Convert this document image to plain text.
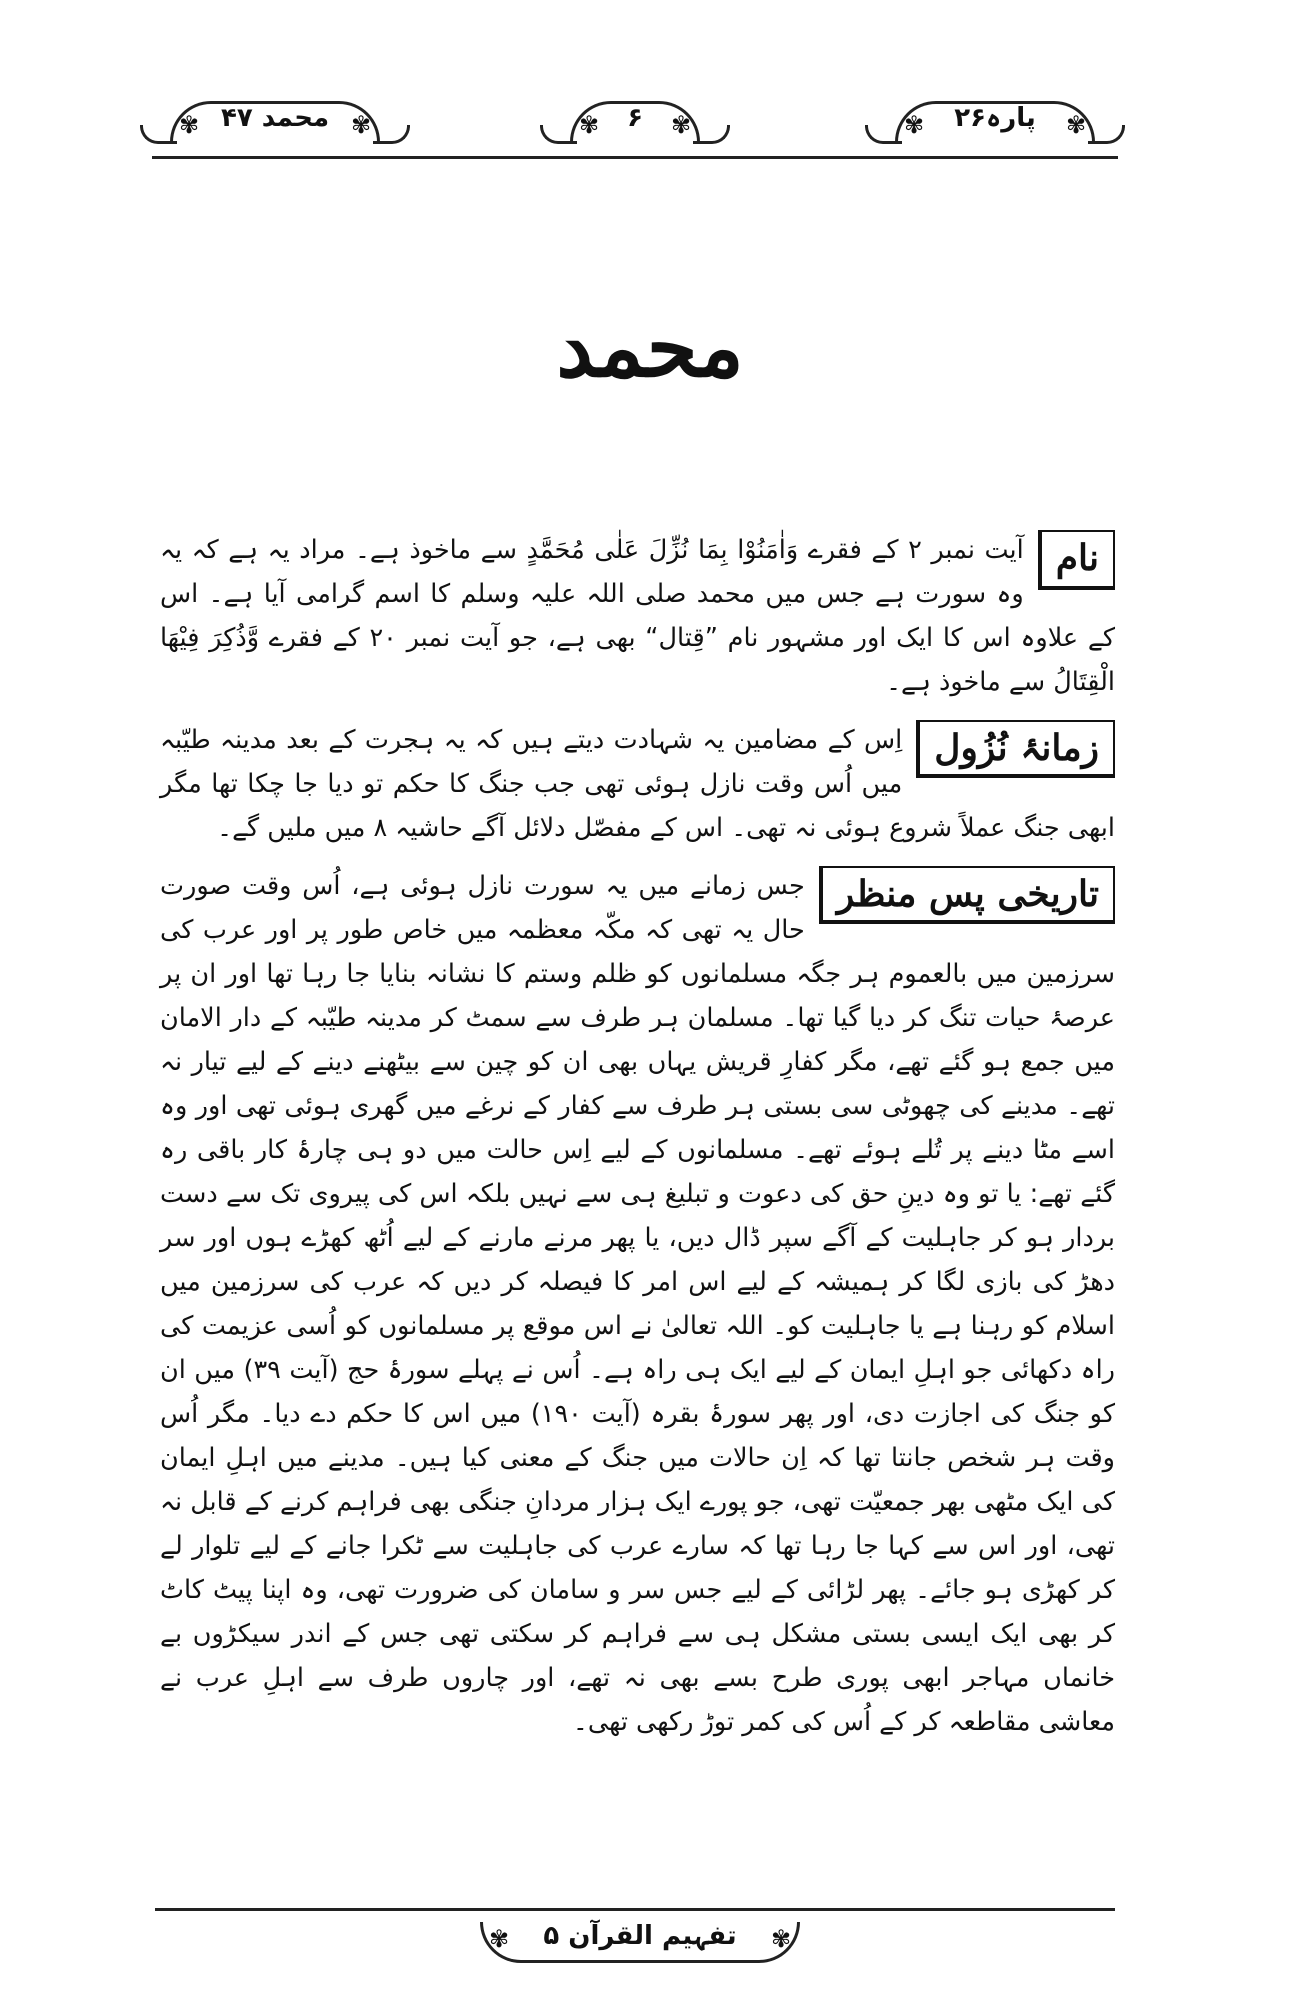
✾	✾
محمد ۴۷	✾	✾
۶	✾	✾
پارہ۲۶
محمد
نام

آیت نمبر ۲ کے فقرے وَاٰمَنُوْا بِمَا نُزِّلَ عَلٰی مُحَمَّدٍ سے ماخوذ ہے۔ مراد یہ ہے کہ یہ وہ سورت ہے جس میں محمد صلی اللہ علیہ وسلم کا اسم گرامی آیا ہے۔ اس کے علاوہ اس کا ایک اور مشہور نام ”قِتال“ بھی ہے، جو آیت نمبر ۲۰ کے فقرے وَّذُکِرَ فِیْھَا الْقِتَالُ سے ماخوذ ہے۔

زمانۂ نُزُول

اِس کے مضامین یہ شہادت دیتے ہیں کہ یہ ہجرت کے بعد مدینہ طیّبہ میں اُس وقت نازل ہوئی تھی جب جنگ کا حکم تو دیا جا چکا تھا مگر ابھی جنگ عملاً شروع ہوئی نہ تھی۔ اس کے مفصّل دلائل آگے حاشیہ ۸ میں ملیں گے۔

تاریخی پس منظر

جس زمانے میں یہ سورت نازل ہوئی ہے، اُس وقت صورت حال یہ تھی کہ مکّہ معظمہ میں خاص طور پر اور عرب کی سرزمین میں بالعموم ہر جگہ مسلمانوں کو ظلم وستم کا نشانہ بنایا جا رہا تھا اور ان پر عرصۂ حیات تنگ کر دیا گیا تھا۔ مسلمان ہر طرف سے سمٹ کر مدینہ طیّبہ کے دار الامان میں جمع ہو گئے تھے، مگر کفارِ قریش یہاں بھی ان کو چین سے بیٹھنے دینے کے لیے تیار نہ تھے۔ مدینے کی چھوٹی سی بستی ہر طرف سے کفار کے نرغے میں گھری ہوئی تھی اور وہ اسے مٹا دینے پر تُلے ہوئے تھے۔ مسلمانوں کے لیے اِس حالت میں دو ہی چارۂ کار باقی رہ گئے تھے: یا تو وہ دینِ حق کی دعوت و تبلیغ ہی سے نہیں بلکہ اس کی پیروی تک سے دست بردار ہو کر جاہلیت کے آگے سپر ڈال دیں، یا پھر مرنے مارنے کے لیے اُٹھ کھڑے ہوں اور سر دھڑ کی بازی لگا کر ہمیشہ کے لیے اس امر کا فیصلہ کر دیں کہ عرب کی سرزمین میں اسلام کو رہنا ہے یا جاہلیت کو۔ اللہ تعالیٰ نے اس موقع پر مسلمانوں کو اُسی عزیمت کی راہ دکھائی جو اہلِ ایمان کے لیے ایک ہی راہ ہے۔ اُس نے پہلے سورۂ حج (آیت ۳۹) میں ان کو جنگ کی اجازت دی، اور پھر سورۂ بقرہ (آیت ۱۹۰) میں اس کا حکم دے دیا۔ مگر اُس وقت ہر شخص جانتا تھا کہ اِن حالات میں جنگ کے معنی کیا ہیں۔ مدینے میں اہلِ ایمان کی ایک مٹھی بھر جمعیّت تھی، جو پورے ایک ہزار مردانِ جنگی بھی فراہم کرنے کے قابل نہ تھی، اور اس سے کہا جا رہا تھا کہ سارے عرب کی جاہلیت سے ٹکرا جانے کے لیے تلوار لے کر کھڑی ہو جائے۔ پھر لڑائی کے لیے جس سر و سامان کی ضرورت تھی، وہ اپنا پیٹ کاٹ کر بھی ایک ایسی بستی مشکل ہی سے فراہم کر سکتی تھی جس کے اندر سیکڑوں بے خانماں مہاجر ابھی پوری طرح بسے بھی نہ تھے، اور چاروں طرف سے اہلِ عرب نے معاشی مقاطعہ کر کے اُس کی کمر توڑ رکھی تھی۔

✾	✾
تفہیم القرآن ۵
